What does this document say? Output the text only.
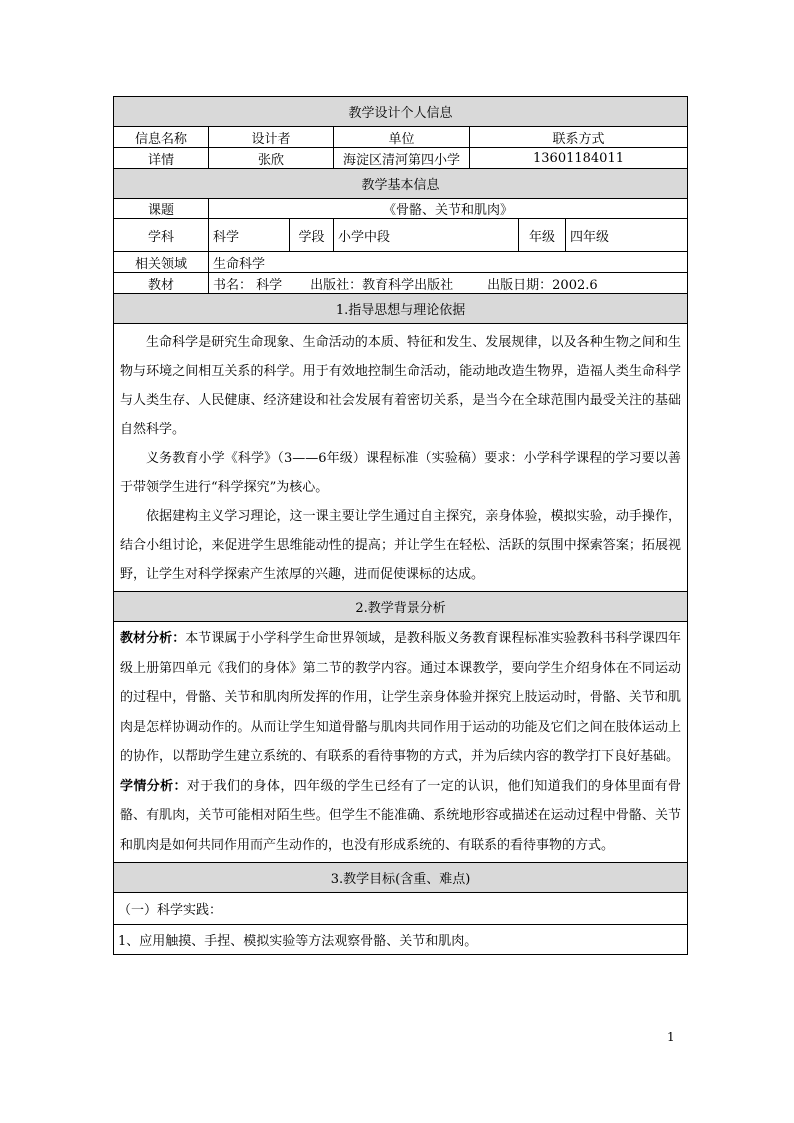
教学设计个人信息						
信息名称	设计者		单位	联系方式		
详情	张欣		海淀区清河第四小学	13601184011		
教学基本信息						
课题	《骨骼、关节和肌肉》					
学科	科学	学段	小学中段		年级	四年级
相关领域	生命科学					
教材	书名： 科学 出版社：教育科学出版社 出版日期：2002.6					
1.指导思想与理论依据						

生命科学是研究生命现象、生命活动的本质、特征和发生、发展规律，以及各种生物之间和生物与环境之间相互关系的科学。用于有效地控制生命活动，能动地改造生物界，造福人类生命科学与人类生存、人民健康、经济建设和社会发展有着密切关系，是当今在全球范围内最受关注的基础自然科学。

义务教育小学《科学》（3——6年级）课程标准（实验稿）要求：小学科学课程的学习要以善于带领学生进行“科学探究”为核心。

依据建构主义学习理论，这一课主要让学生通过自主探究，亲身体验，模拟实验，动手操作，结合小组讨论，来促进学生思维能动性的提高；并让学生在轻松、活跃的氛围中探索答案；拓展视野，让学生对科学探索产生浓厚的兴趣，进而促使课标的达成。						

2.教学背景分析						

教材分析：本节课属于小学科学生命世界领域，是教科版义务教育课程标准实验教科书科学课四年级上册第四单元《我们的身体》第二节的教学内容。通过本课教学，要向学生介绍身体在不同运动的过程中，骨骼、关节和肌肉所发挥的作用，让学生亲身体验并探究上肢运动时，骨骼、关节和肌肉是怎样协调动作的。从而让学生知道骨骼与肌肉共同作用于运动的功能及它们之间在肢体运动上的协作，以帮助学生建立系统的、有联系的看待事物的方式，并为后续内容的教学打下良好基础。

学情分析：对于我们的身体，四年级的学生已经有了一定的认识，他们知道我们的身体里面有骨骼、有肌肉，关节可能相对陌生些。但学生不能准确、系统地形容或描述在运动过程中骨骼、关节和肌肉是如何共同作用而产生动作的，也没有形成系统的、有联系的看待事物的方式。						

3.教学目标(含重、难点)						
（一）科学实践：						
1、应用触摸、手捏、模拟实验等方法观察骨骼、关节和肌肉。						
1
